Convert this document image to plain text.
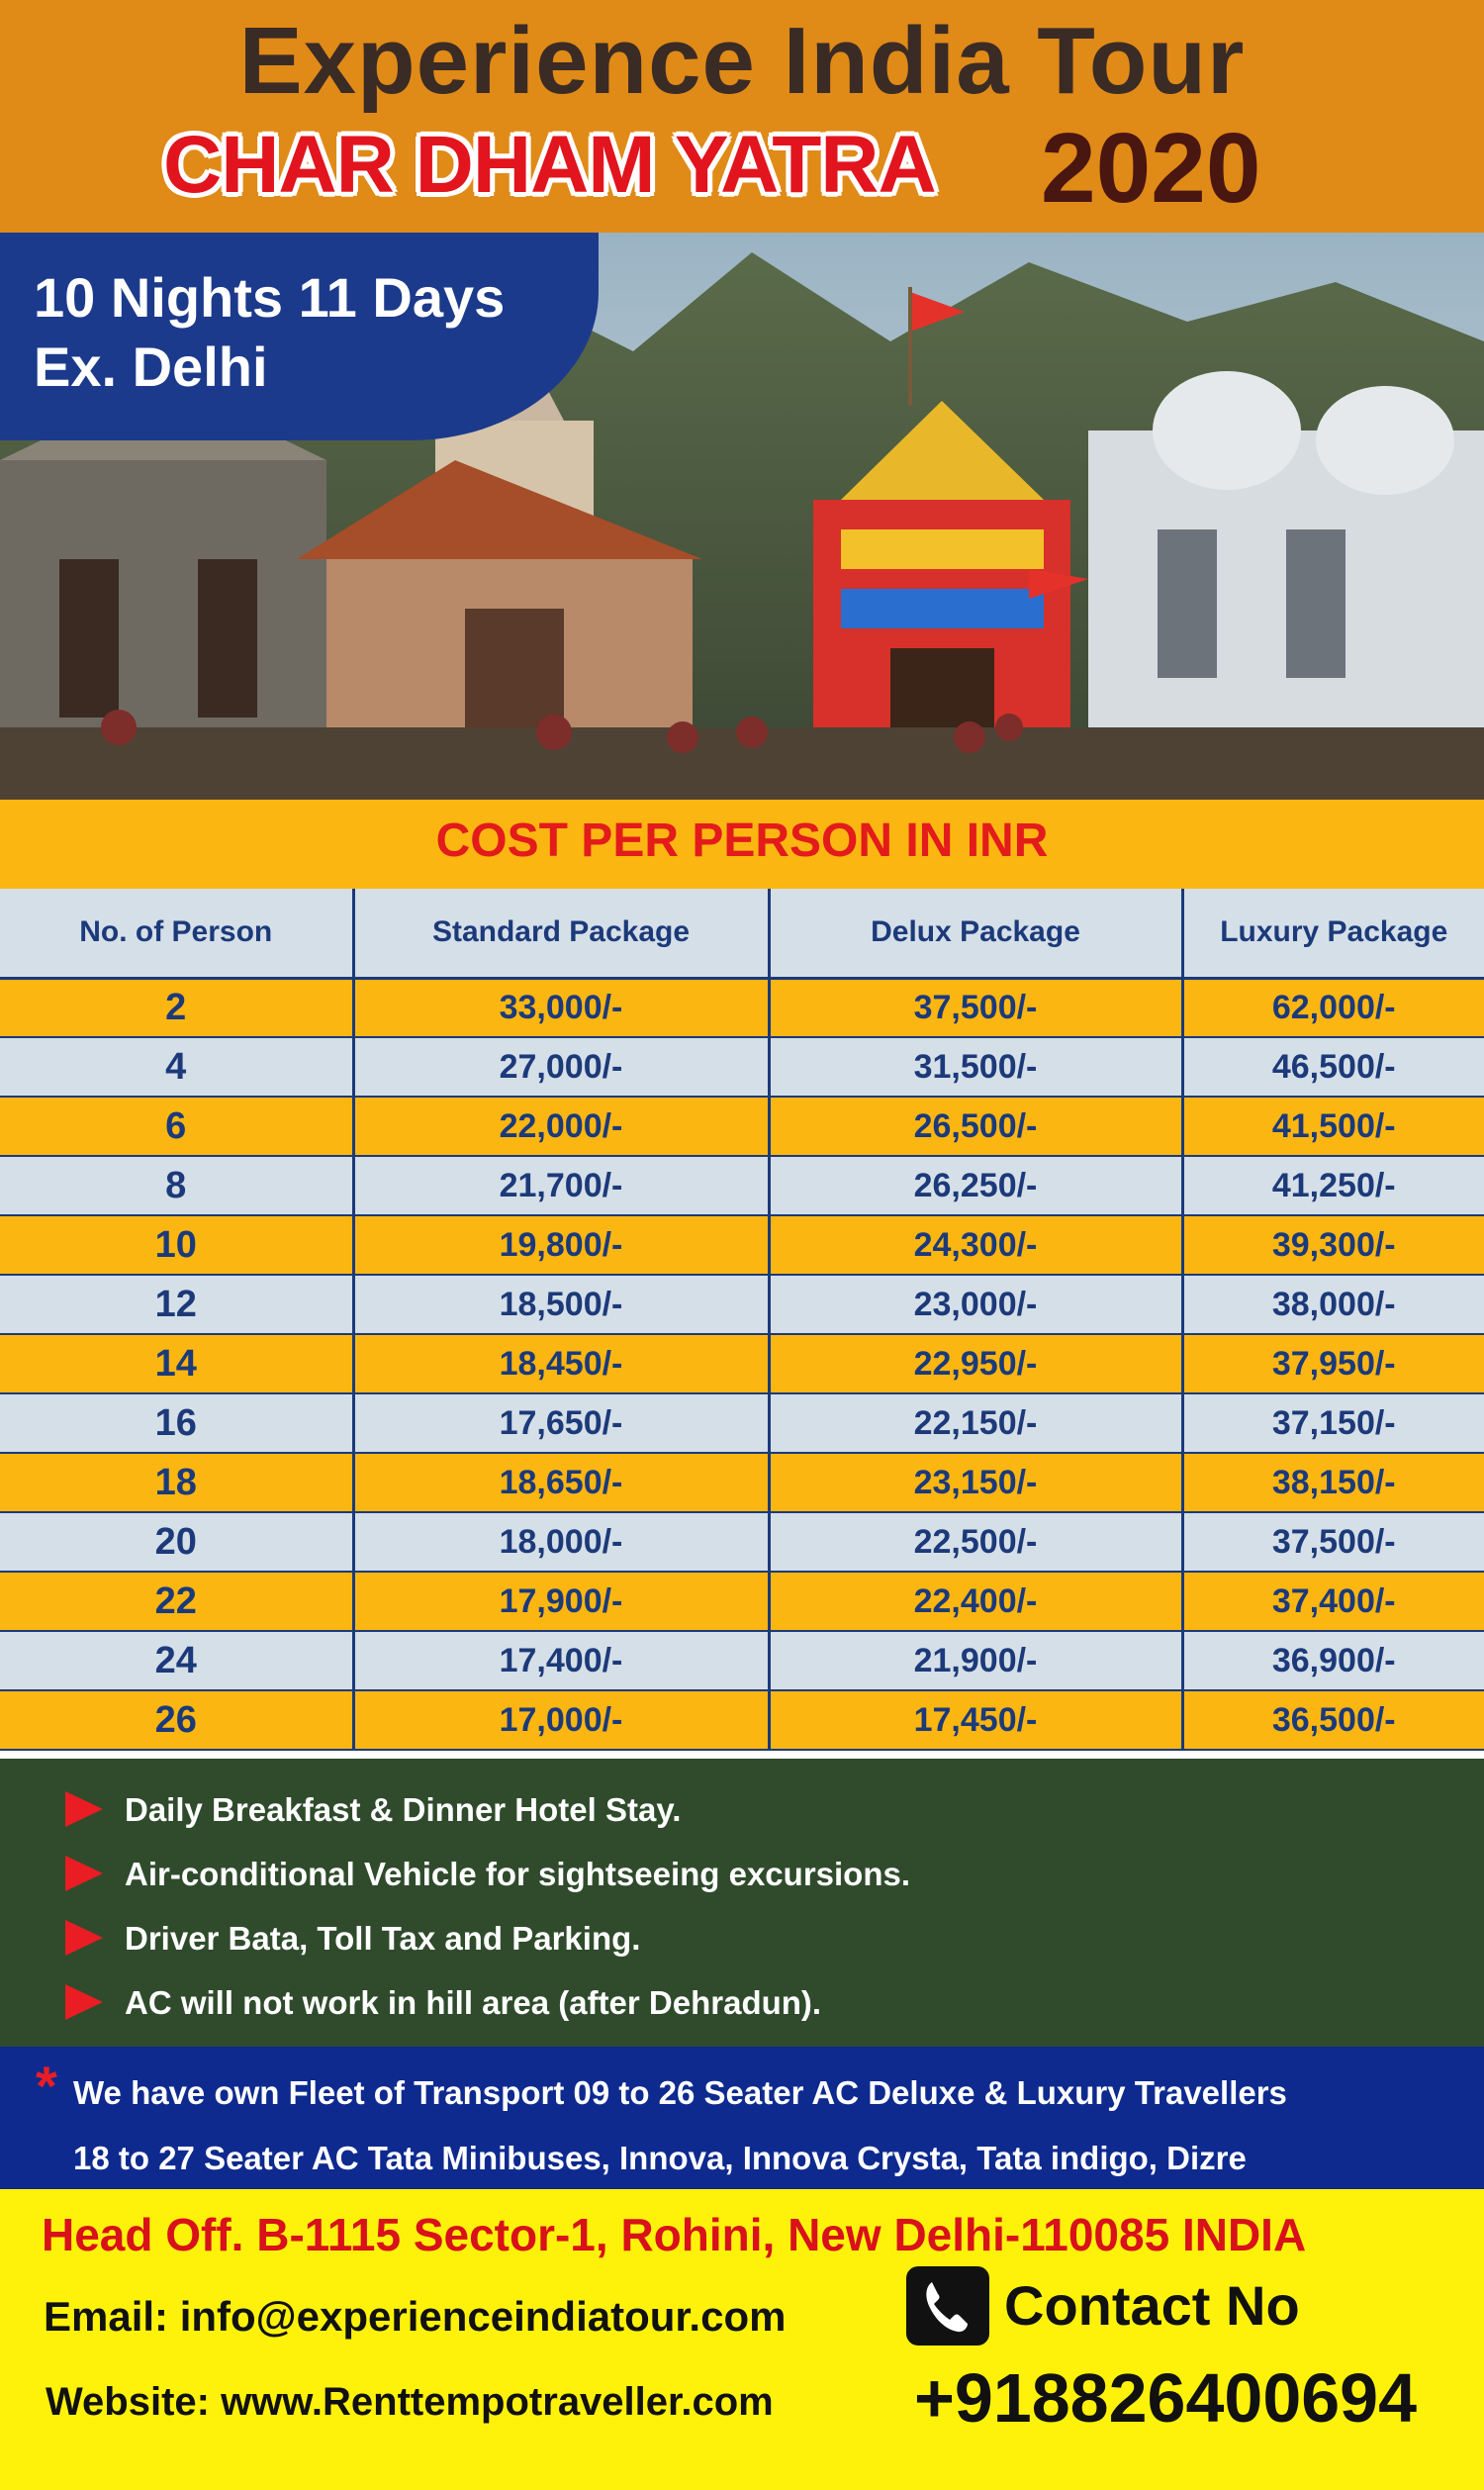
Experience India Tour
CHAR DHAM YATRA 2020
10 Nights 11 Days
Ex. Delhi
COST PER PERSON IN INR
No. of Person	Standard Package	Delux Package	Luxury Package
2	33,000/-	37,500/-	62,000/-
4	27,000/-	31,500/-	46,500/-
6	22,000/-	26,500/-	41,500/-
8	21,700/-	26,250/-	41,250/-
10	19,800/-	24,300/-	39,300/-
12	18,500/-	23,000/-	38,000/-
14	18,450/-	22,950/-	37,950/-
16	17,650/-	22,150/-	37,150/-
18	18,650/-	23,150/-	38,150/-
20	18,000/-	22,500/-	37,500/-
22	17,900/-	22,400/-	37,400/-
24	17,400/-	21,900/-	36,900/-
26	17,000/-	17,450/-	36,500/-
Daily Breakfast & Dinner Hotel Stay.
Air-conditional Vehicle for sightseeing excursions.
Driver Bata, Toll Tax and Parking.
AC will not work in hill area (after Dehradun).
* We have own Fleet of Transport 09 to 26 Seater AC Deluxe & Luxury Travellers
18 to 27 Seater AC Tata Minibuses, Innova, Innova Crysta, Tata indigo, Dizre
Head Off. B-1115 Sector-1, Rohini, New Delhi-110085 INDIA
Email: info@experienceindiatour.com
Website: www.Renttempotraveller.com
Contact No
+918826400694
